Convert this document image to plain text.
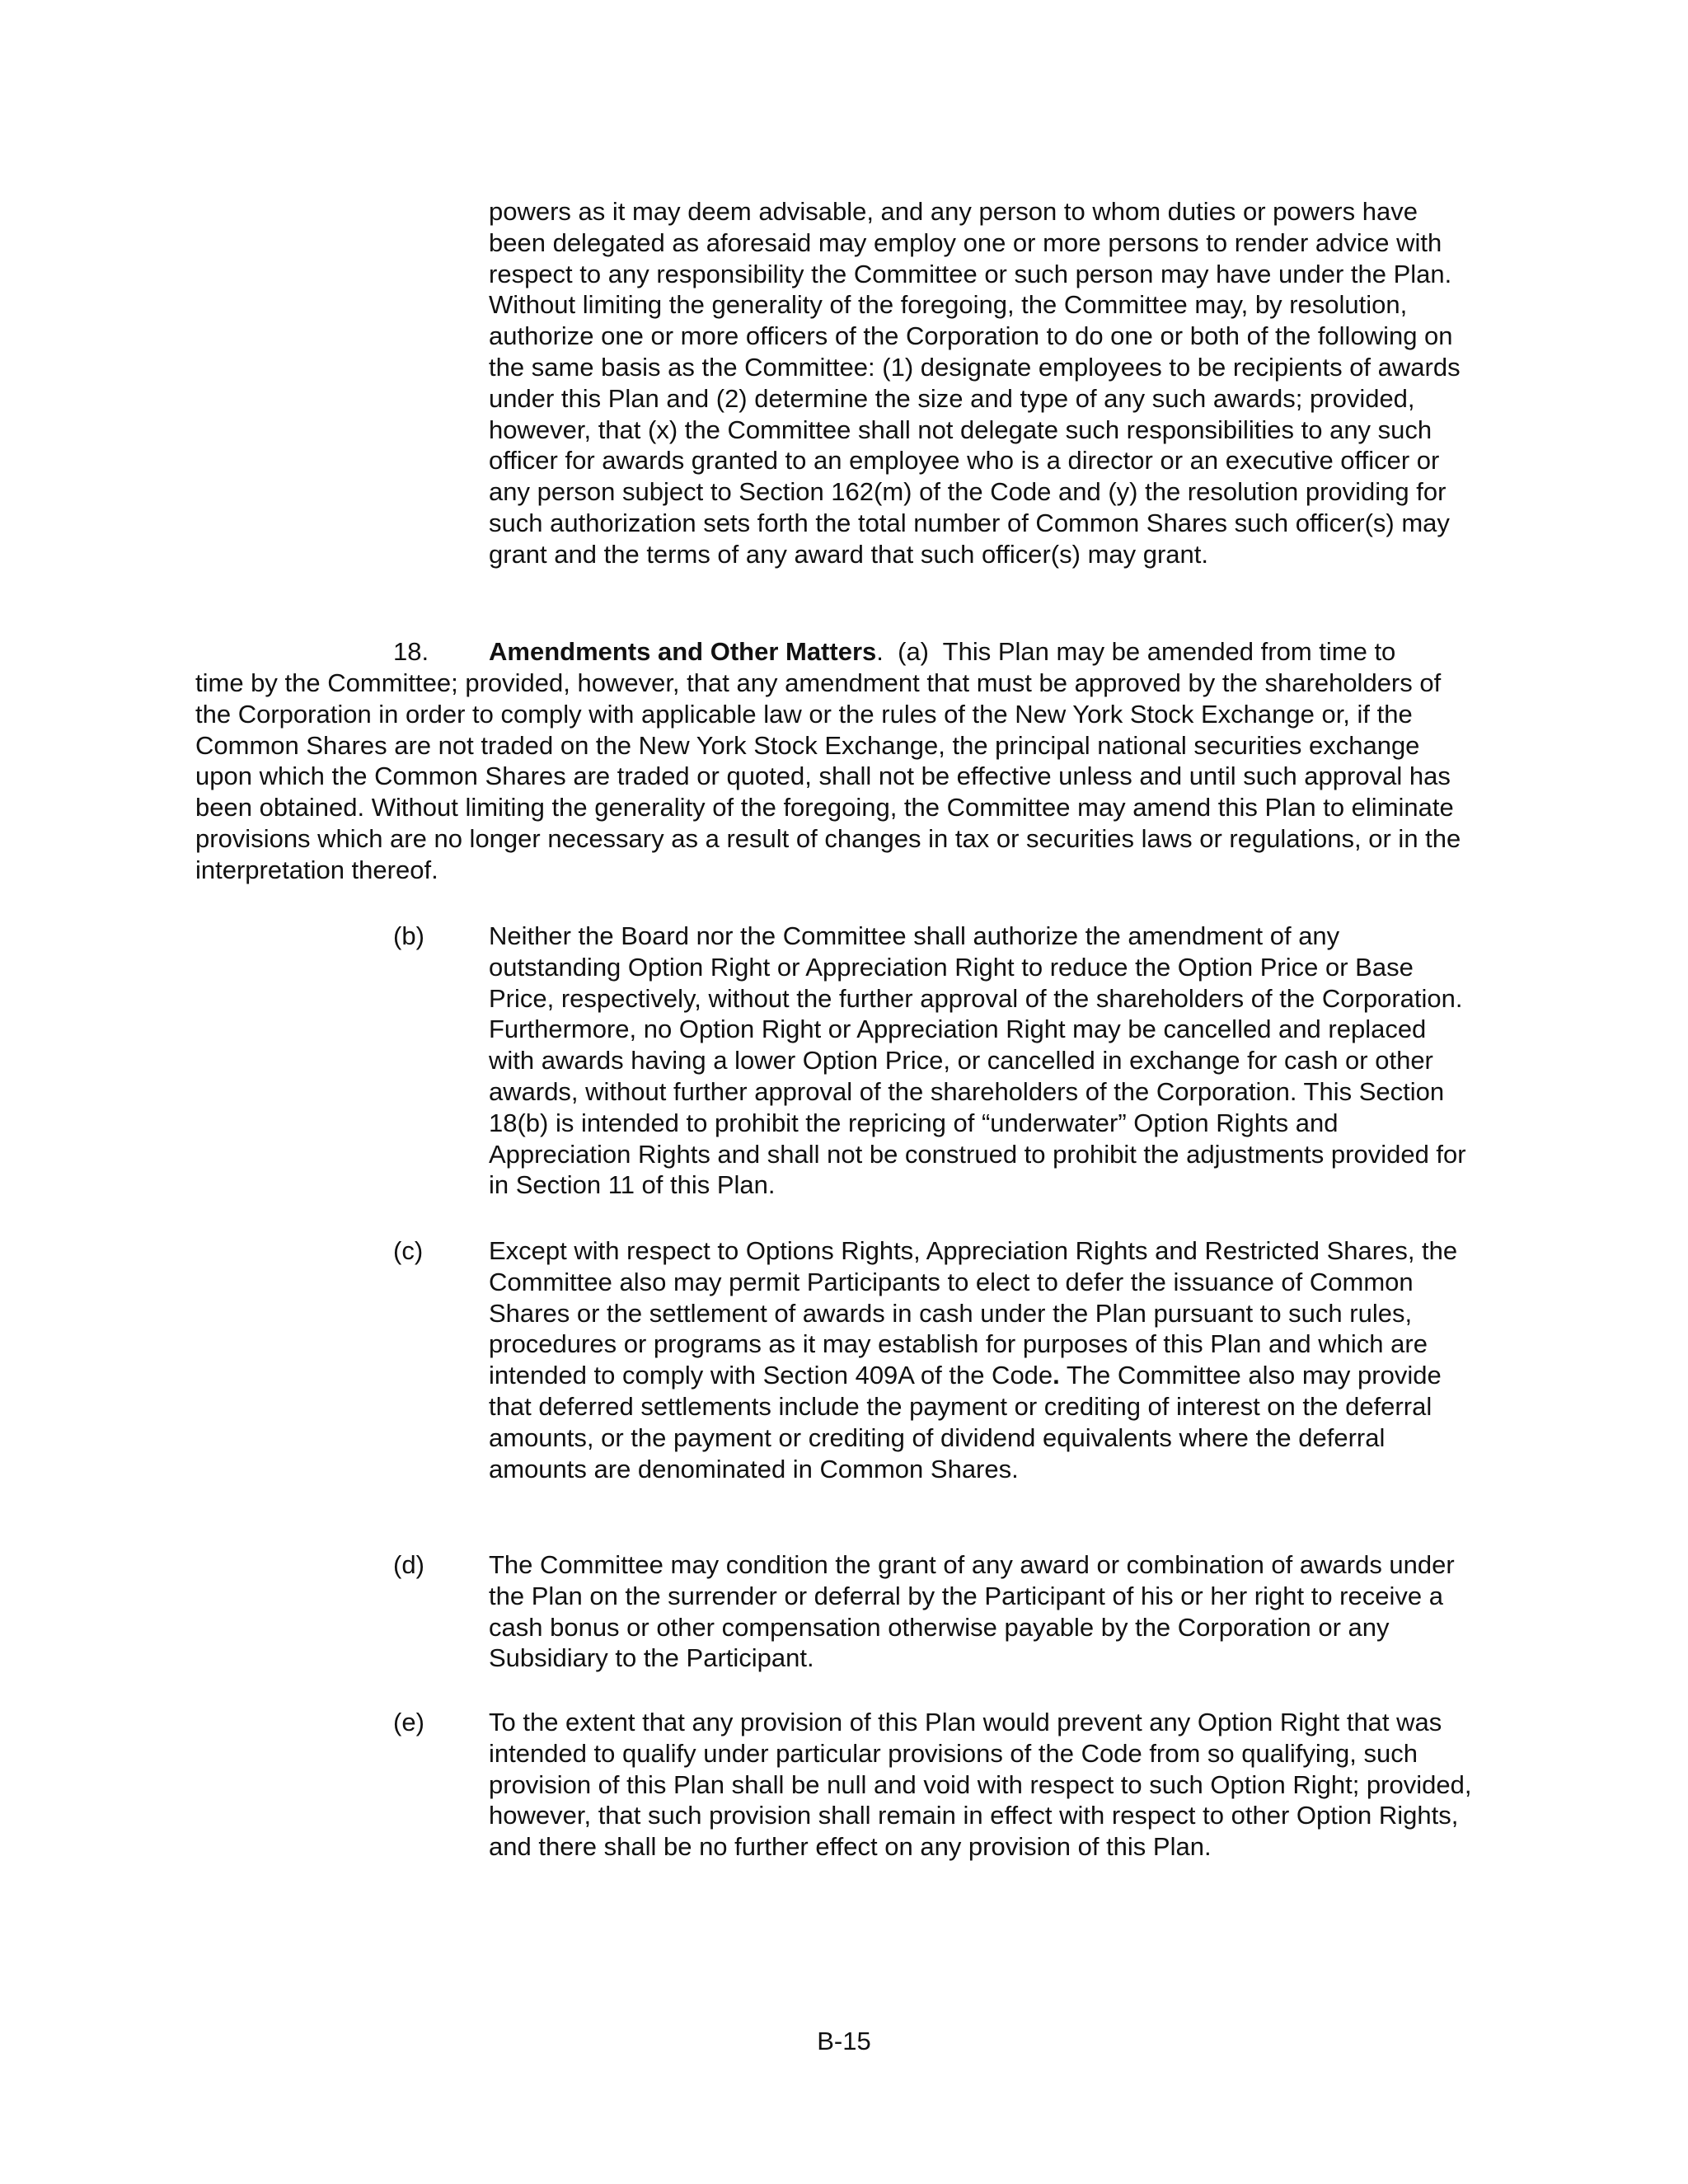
powers as it may deem advisable, and any person to whom duties or powers have been delegated as aforesaid may employ one or more persons to render advice with respect to any responsibility the Committee or such person may have under the Plan. Without limiting the generality of the foregoing, the Committee may, by resolution, authorize one or more officers of the Corporation to do one or both of the following on the same basis as the Committee: (1) designate employees to be recipients of awards under this Plan and (2) determine the size and type of any such awards; provided, however, that (x) the Committee shall not delegate such responsibilities to any such officer for awards granted to an employee who is a director or an executive officer or any person subject to Section 162(m) of the Code and (y) the resolution providing for such authorization sets forth the total number of Common Shares such officer(s) may grant and the terms of any award that such officer(s) may grant.

18. Amendments and Other Matters.  (a)  This Plan may be amended from time to

time by the Committee; provided, however, that any amendment that must be approved by the shareholders of the Corporation in order to comply with applicable law or the rules of the New York Stock Exchange or, if the Common Shares are not traded on the New York Stock Exchange, the principal national securities exchange upon which the Common Shares are traded or quoted, shall not be effective unless and until such approval has been obtained. Without limiting the generality of the foregoing, the Committee may amend this Plan to eliminate provisions which are no longer necessary as a result of changes in tax or securities laws or regulations, or in the interpretation thereof.

(b)	Neither the Board nor the Committee shall authorize the amendment of any outstanding Option Right or Appreciation Right to reduce the Option Price or Base Price, respectively, without the further approval of the shareholders of the Corporation. Furthermore, no Option Right or Appreciation Right may be cancelled and replaced with awards having a lower Option Price, or cancelled in exchange for cash or other awards, without further approval of the shareholders of the Corporation. This Section 18(b) is intended to prohibit the repricing of “underwater” Option Rights and Appreciation Rights and shall not be construed to prohibit the adjustments provided for in Section 11 of this Plan.

(c)	Except with respect to Options Rights, Appreciation Rights and Restricted Shares, the Committee also may permit Participants to elect to defer the issuance of Common Shares or the settlement of awards in cash under the Plan pursuant to such rules, procedures or programs as it may establish for purposes of this Plan and which are intended to comply with Section 409A of the Code. The Committee also may provide that deferred settlements include the payment or crediting of interest on the deferral amounts, or the payment or crediting of dividend equivalents where the deferral amounts are denominated in Common Shares.

(d)	The Committee may condition the grant of any award or combination of awards under the Plan on the surrender or deferral by the Participant of his or her right to receive a cash bonus or other compensation otherwise payable by the Corporation or any Subsidiary to the Participant.

(e)	To the extent that any provision of this Plan would prevent any Option Right that was intended to qualify under particular provisions of the Code from so qualifying, such provision of this Plan shall be null and void with respect to such Option Right; provided, however, that such provision shall remain in effect with respect to other Option Rights, and there shall be no further effect on any provision of this Plan.

B-15
